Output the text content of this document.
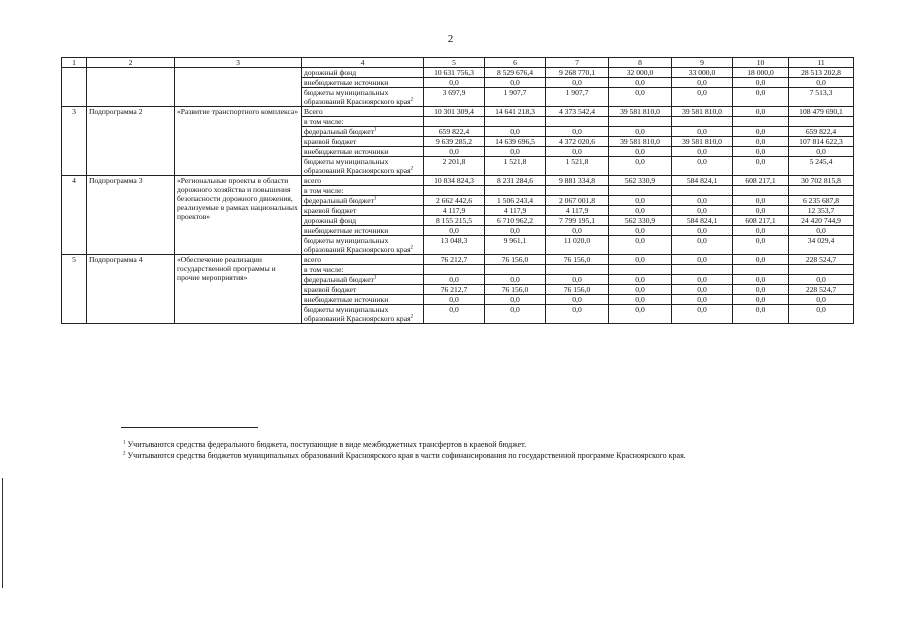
2
1	2	3	4	5	6	7	8	9	10	11
			дорожный фонд	10 631 756,3	8 529 676,4	9 268 770,1	32 000,0	33 000,0	18 000,0	28 513 202,8
			внебюджетные источники	0,0	0,0	0,0	0,0	0,0	0,0	0,0
			бюджеты муниципальных образований Красноярского края$^2$	3 697,9	1 907,7	1 907,7	0,0	0,0	0,0	7 513,3
3	Подпрограмма 2	«Развитие транспортного комплекса»	Всего	10 301 309,4	14 641 218,3	4 373 542,4	39 581 810,0	39 581 810,0	0,0	108 479 690,1
			в том числе:							
			федеральный бюджет$^1$	659 822,4	0,0	0,0	0,0	0,0	0,0	659 822,4
			краевой бюджет	9 639 285,2	14 639 696,5	4 372 020,6	39 581 810,0	39 581 810,0	0,0	107 814 622,3
			внебюджетные источники	0,0	0,0	0,0	0,0	0,0	0,0	0,0
			бюджеты муниципальных образований Красноярского края$^2$	2 201,8	1 521,8	1 521,8	0,0	0,0	0,0	5 245,4
4	Подпрограмма 3	«Региональные проекты в области дорожного хозяйства и повышения безопасности дорожного движения, реализуемые в рамках национальных проектов»	всего	10 834 824,3	8 231 284,6	9 881 334,8	562 330,9	584 824,1	608 217,1	30 702 815,8
			в том числе:							
			федеральный бюджет$^1$	2 662 442,6	1 506 243,4	2 067 001,8	0,0	0,0	0,0	6 235 687,8
			краевой бюджет	4 117,9	4 117,9	4 117,9	0,0	0,0	0,0	12 353,7
			дорожный фонд	8 155 215,5	6 710 962,2	7 799 195,1	562 330,9	584 824,1	608 217,1	24 420 744,9
			внебюджетные источники	0,0	0,0	0,0	0,0	0,0	0,0	0,0
			бюджеты муниципальных образований Красноярского края$^2$	13 048,3	9 961,1	11 020,0	0,0	0,0	0,0	34 029,4
5	Подпрограмма 4	«Обеспечение реализации государственной программы и прочие мероприятия»	всего	76 212,7	76 156,0	76 156,0	0,0	0,0	0,0	228 524,7
			в том числе:							
			федеральный бюджет$^1$	0,0	0,0	0,0	0,0	0,0	0,0	0,0
			краевой бюджет	76 212,7	76 156,0	76 156,0	0,0	0,0	0,0	228 524,7
			внебюджетные источники	0,0	0,0	0,0	0,0	0,0	0,0	0,0
			бюджеты муниципальных образований Красноярского края$^2$	0,0	0,0	0,0	0,0	0,0	0,0	0,0
$^1$ Учитываются средства федерального бюджета, поступающие в виде межбюджетных трансфертов в краевой бюджет.
$^2$ Учитываются средства бюджетов муниципальных образований Красноярского края в части софинансирования по государственной программе Красноярского края.
